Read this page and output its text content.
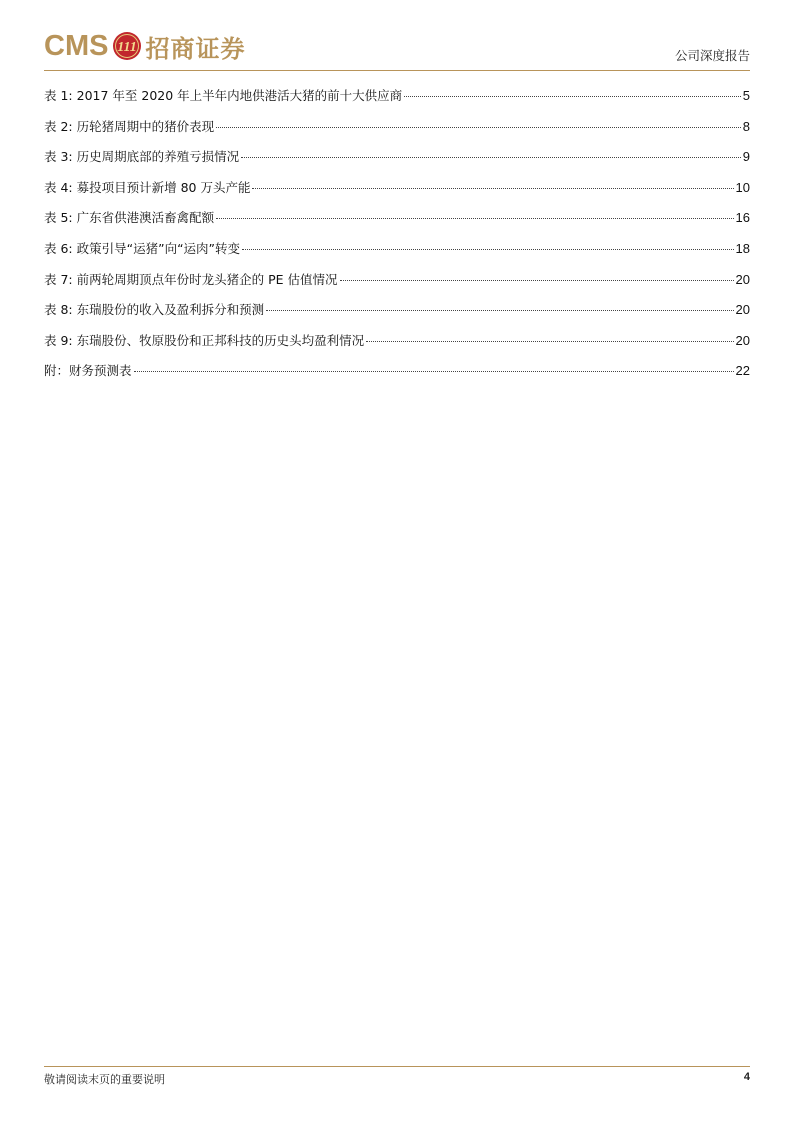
CMS 111 招商证券	公司深度报告
表 1: 2017 年至 2020 年上半年内地供港活大猪的前十大供应商	5
表 2: 历轮猪周期中的猪价表现	8
表 3: 历史周期底部的养殖亏损情况	9
表 4: 募投项目预计新增 80 万头产能	10
表 5: 广东省供港澳活畜禽配额	16
表 6: 政策引导“运猪”向“运肉”转变	18
表 7: 前两轮周期顶点年份时龙头猪企的 PE 估值情况	20
表 8: 东瑞股份的收入及盈利拆分和预测	20
表 9: 东瑞股份、牧原股份和正邦科技的历史头均盈利情况	20
附：财务预测表	22
敬请阅读末页的重要说明	4
